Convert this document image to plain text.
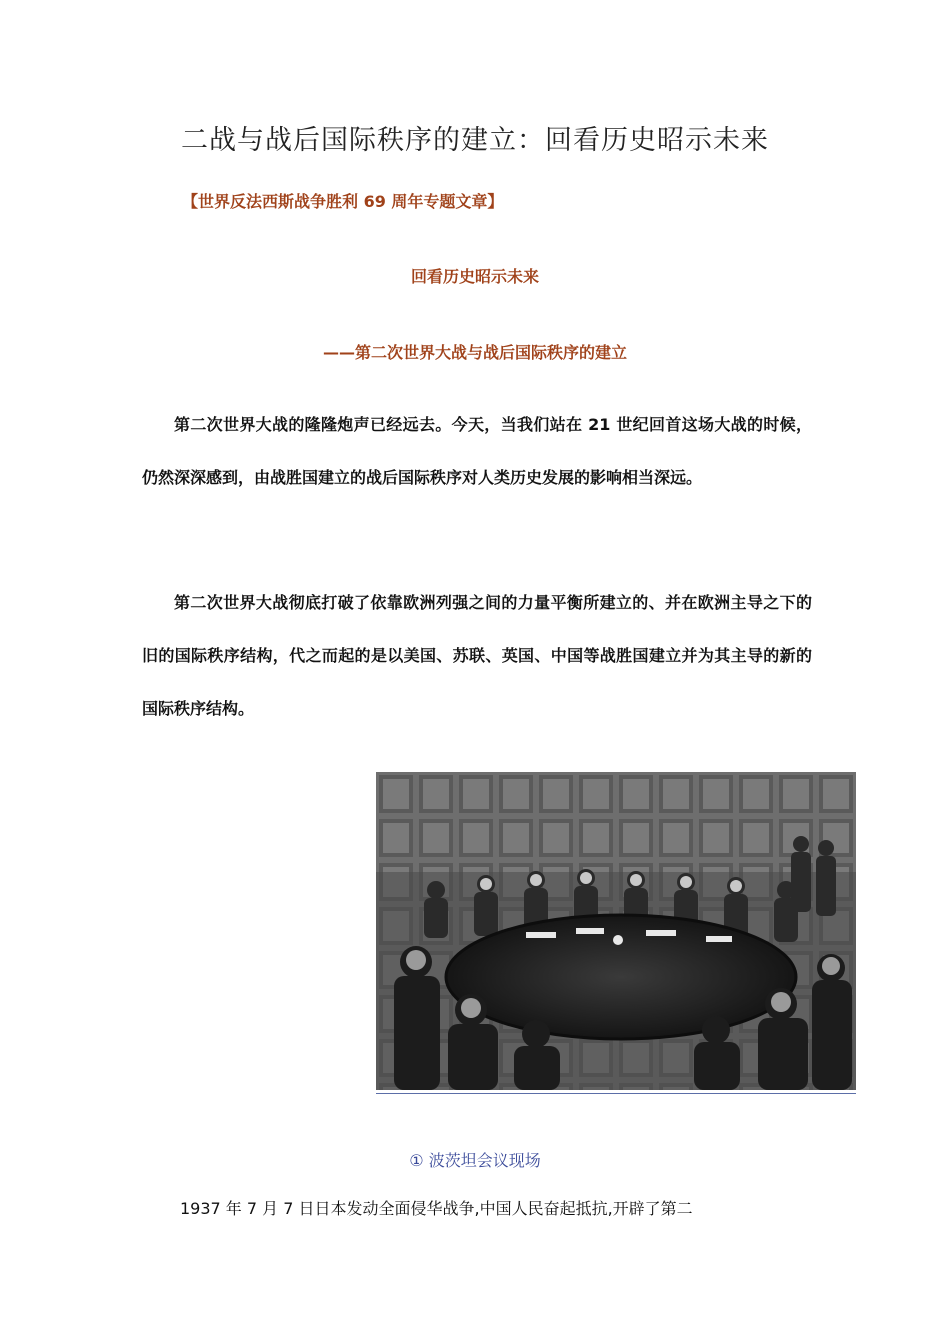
二战与战后国际秩序的建立：回看历史昭示未来
【世界反法西斯战争胜利 69 周年专题文章】
回看历史昭示未来
——第二次世界大战与战后国际秩序的建立

第二次世界大战的隆隆炮声已经远去。今天，当我们站在 21 世纪回首这场大战的时候，仍然深深感到，由战胜国建立的战后国际秩序对人类历史发展的影响相当深远。

第二次世界大战彻底打破了依靠欧洲列强之间的力量平衡所建立的、并在欧洲主导之下的旧的国际秩序结构，代之而起的是以美国、苏联、英国、中国等战胜国建立并为其主导的新的国际秩序结构。

① 波茨坦会议现场
1937 年 7 月 7 日日本发动全面侵华战争,中国人民奋起抵抗,开辟了第二
